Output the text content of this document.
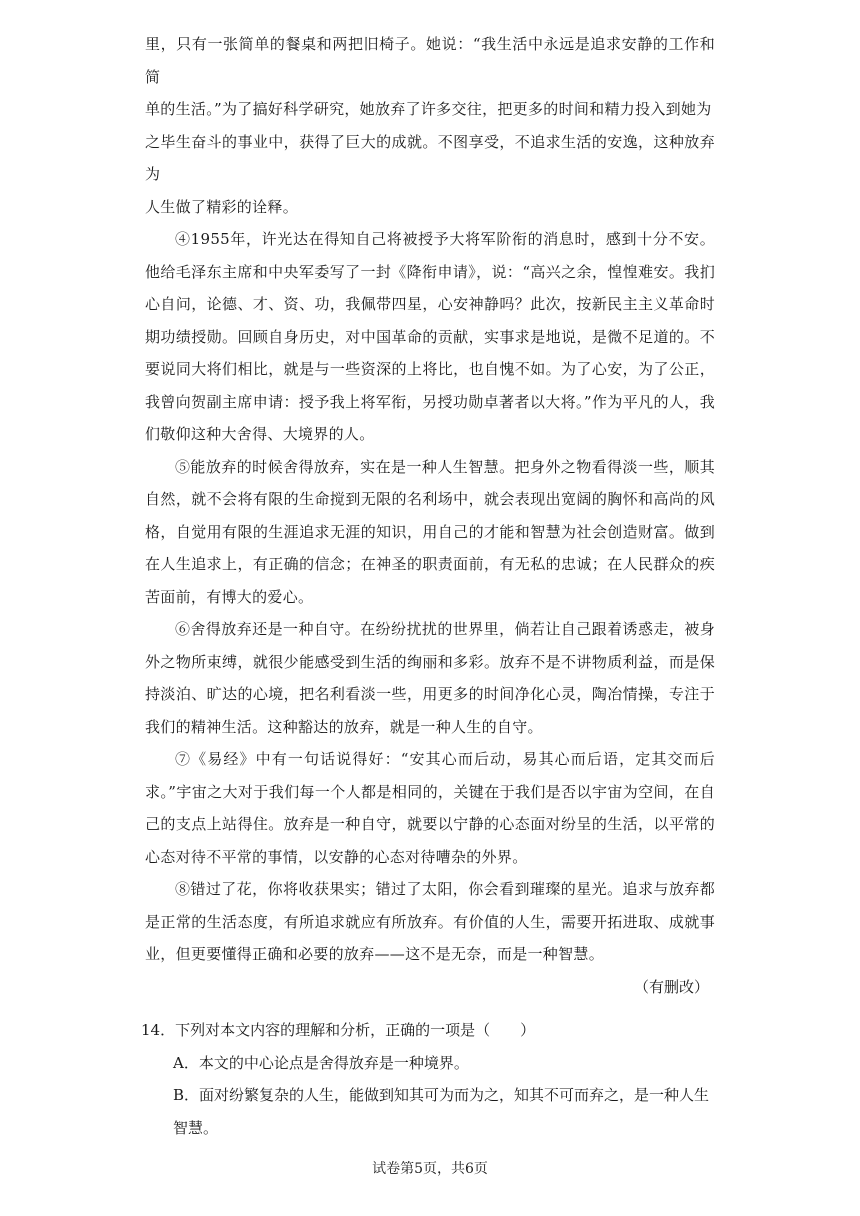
里，只有一张简单的餐桌和两把旧椅子。她说：“我生活中永远是追求安静的工作和简
单的生活。”为了搞好科学研究，她放弃了许多交往，把更多的时间和精力投入到她为
之毕生奋斗的事业中，获得了巨大的成就。不图享受，不追求生活的安逸，这种放弃为
人生做了精彩的诠释。

④1955年，许光达在得知自己将被授予大将军阶衔的消息时，感到十分不安。他给毛泽东主席和中央军委写了一封《降衔申请》，说：“高兴之余，惶惶难安。我扪心自问，论德、才、资、功，我佩带四星，心安神静吗？此次，按新民主主义革命时期功绩授勋。回顾自身历史，对中国革命的贡献，实事求是地说，是微不足道的。不要说同大将们相比，就是与一些资深的上将比，也自愧不如。为了心安，为了公正，我曾向贺副主席申请：授予我上将军衔，另授功勋卓著者以大将。”作为平凡的人，我们敬仰这种大舍得、大境界的人。

⑤能放弃的时候舍得放弃，实在是一种人生智慧。把身外之物看得淡一些，顺其自然，就不会将有限的生命搅到无限的名利场中，就会表现出宽阔的胸怀和高尚的风格，自觉用有限的生涯追求无涯的知识，用自己的才能和智慧为社会创造财富。做到在人生追求上，有正确的信念；在神圣的职责面前，有无私的忠诚；在人民群众的疾苦面前，有博大的爱心。

⑥舍得放弃还是一种自守。在纷纷扰扰的世界里，倘若让自己跟着诱惑走，被身外之物所束缚，就很少能感受到生活的绚丽和多彩。放弃不是不讲物质利益，而是保持淡泊、旷达的心境，把名利看淡一些，用更多的时间净化心灵，陶冶情操，专注于我们的精神生活。这种豁达的放弃，就是一种人生的自守。

⑦《易经》中有一句话说得好：“安其心而后动，易其心而后语，定其交而后求。”宇宙之大对于我们每一个人都是相同的，关键在于我们是否以宇宙为空间，在自己的支点上站得住。放弃是一种自守，就要以宁静的心态面对纷呈的生活，以平常的心态对待不平常的事情，以安静的心态对待嘈杂的外界。

⑧错过了花，你将收获果实；错过了太阳，你会看到璀璨的星光。追求与放弃都是正常的生活态度，有所追求就应有所放弃。有价值的人生，需要开拓进取、成就事业，但更要懂得正确和必要的放弃——这不是无奈，而是一种智慧。

（有删改）

14．下列对本文内容的理解和分析，正确的一项是（　　）

A．本文的中心论点是舍得放弃是一种境界。

B．面对纷繁复杂的人生，能做到知其可为而为之，知其不可而弃之，是一种人生
智慧。

试卷第5页，共6页
